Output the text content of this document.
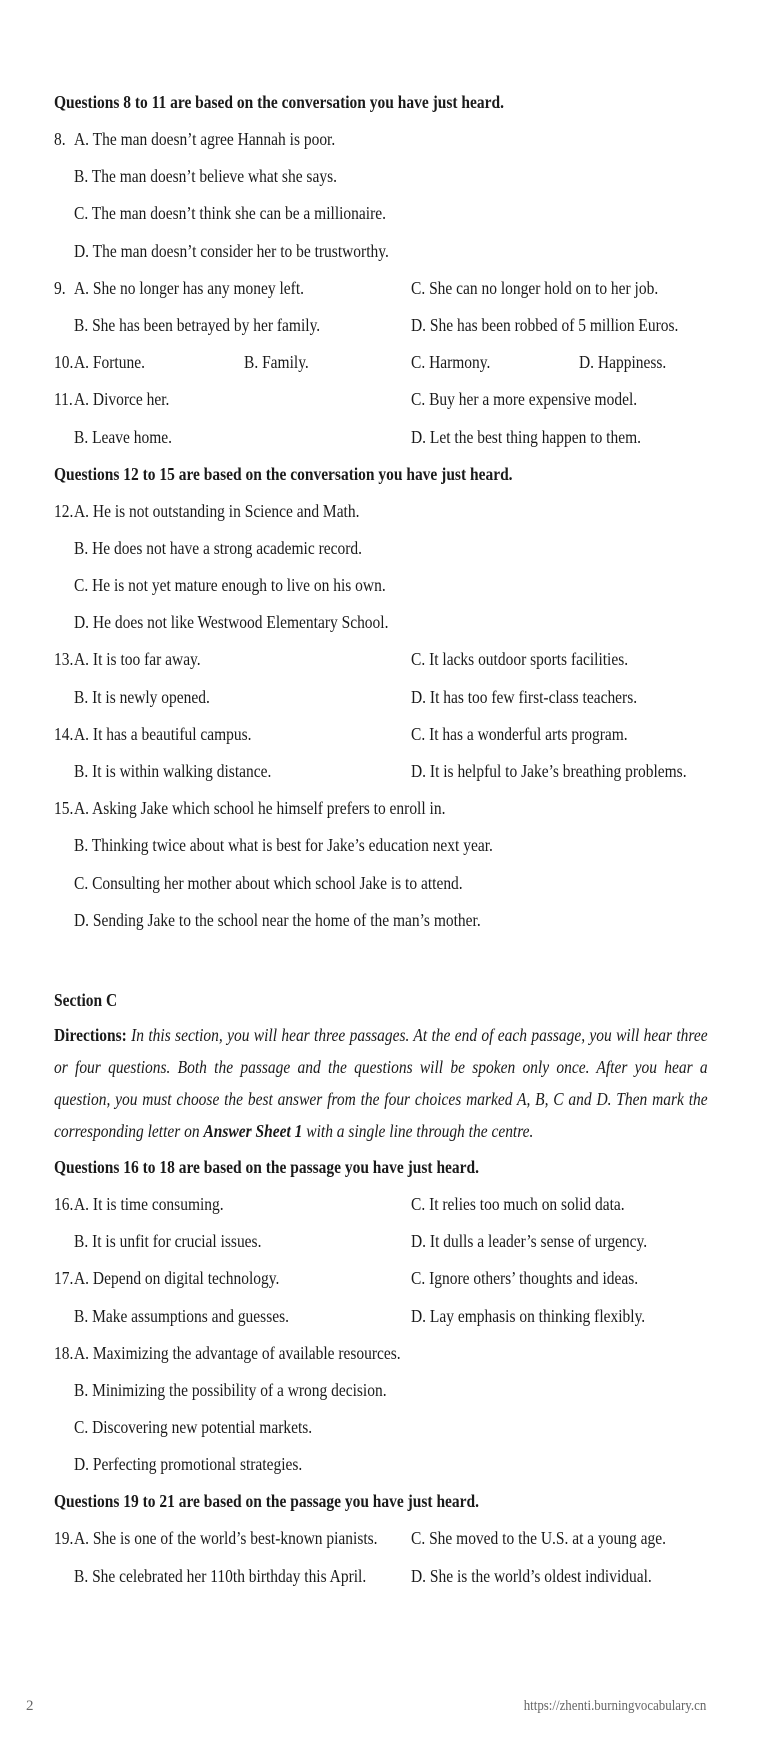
Questions 8 to 11 are based on the conversation you have just heard.
8. A. The man doesn’t agree Hannah is poor.
B. The man doesn’t believe what she says.
C. The man doesn’t think she can be a millionaire.
D. The man doesn’t consider her to be trustworthy.
9. A. She no longer has any money left.	C. She can no longer hold on to her job.
B. She has been betrayed by her family.	D. She has been robbed of 5 million Euros.
10. A. Fortune.	B. Family.	C. Harmony.	D. Happiness.
11. A. Divorce her.	C. Buy her a more expensive model.
B. Leave home.	D. Let the best thing happen to them.
Questions 12 to 15 are based on the conversation you have just heard.
12. A. He is not outstanding in Science and Math.
B. He does not have a strong academic record.
C. He is not yet mature enough to live on his own.
D. He does not like Westwood Elementary School.
13. A. It is too far away.	C. It lacks outdoor sports facilities.
B. It is newly opened.	D. It has too few first-class teachers.
14. A. It has a beautiful campus.	C. It has a wonderful arts program.
B. It is within walking distance.	D. It is helpful to Jake’s breathing problems.
15. A. Asking Jake which school he himself prefers to enroll in.
B. Thinking twice about what is best for Jake’s education next year.
C. Consulting her mother about which school Jake is to attend.
D. Sending Jake to the school near the home of the man’s mother.
Section C
Directions: In this section, you will hear three passages. At the end of each passage, you will hear three or four questions. Both the passage and the questions will be spoken only once. After you hear a question, you must choose the best answer from the four choices marked A, B, C and D. Then mark the corresponding letter on Answer Sheet 1 with a single line through the centre.
Questions 16 to 18 are based on the passage you have just heard.
16. A. It is time consuming.	C. It relies too much on solid data.
B. It is unfit for crucial issues.	D. It dulls a leader’s sense of urgency.
17. A. Depend on digital technology.	C. Ignore others’ thoughts and ideas.
B. Make assumptions and guesses.	D. Lay emphasis on thinking flexibly.
18. A. Maximizing the advantage of available resources.
B. Minimizing the possibility of a wrong decision.
C. Discovering new potential markets.
D. Perfecting promotional strategies.
Questions 19 to 21 are based on the passage you have just heard.
19. A. She is one of the world’s best-known pianists. C. She moved to the U.S. at a young age.
B. She celebrated her 110th birthday this April. D. She is the world’s oldest individual.
2	https://zhenti.burningvocabulary.cn
